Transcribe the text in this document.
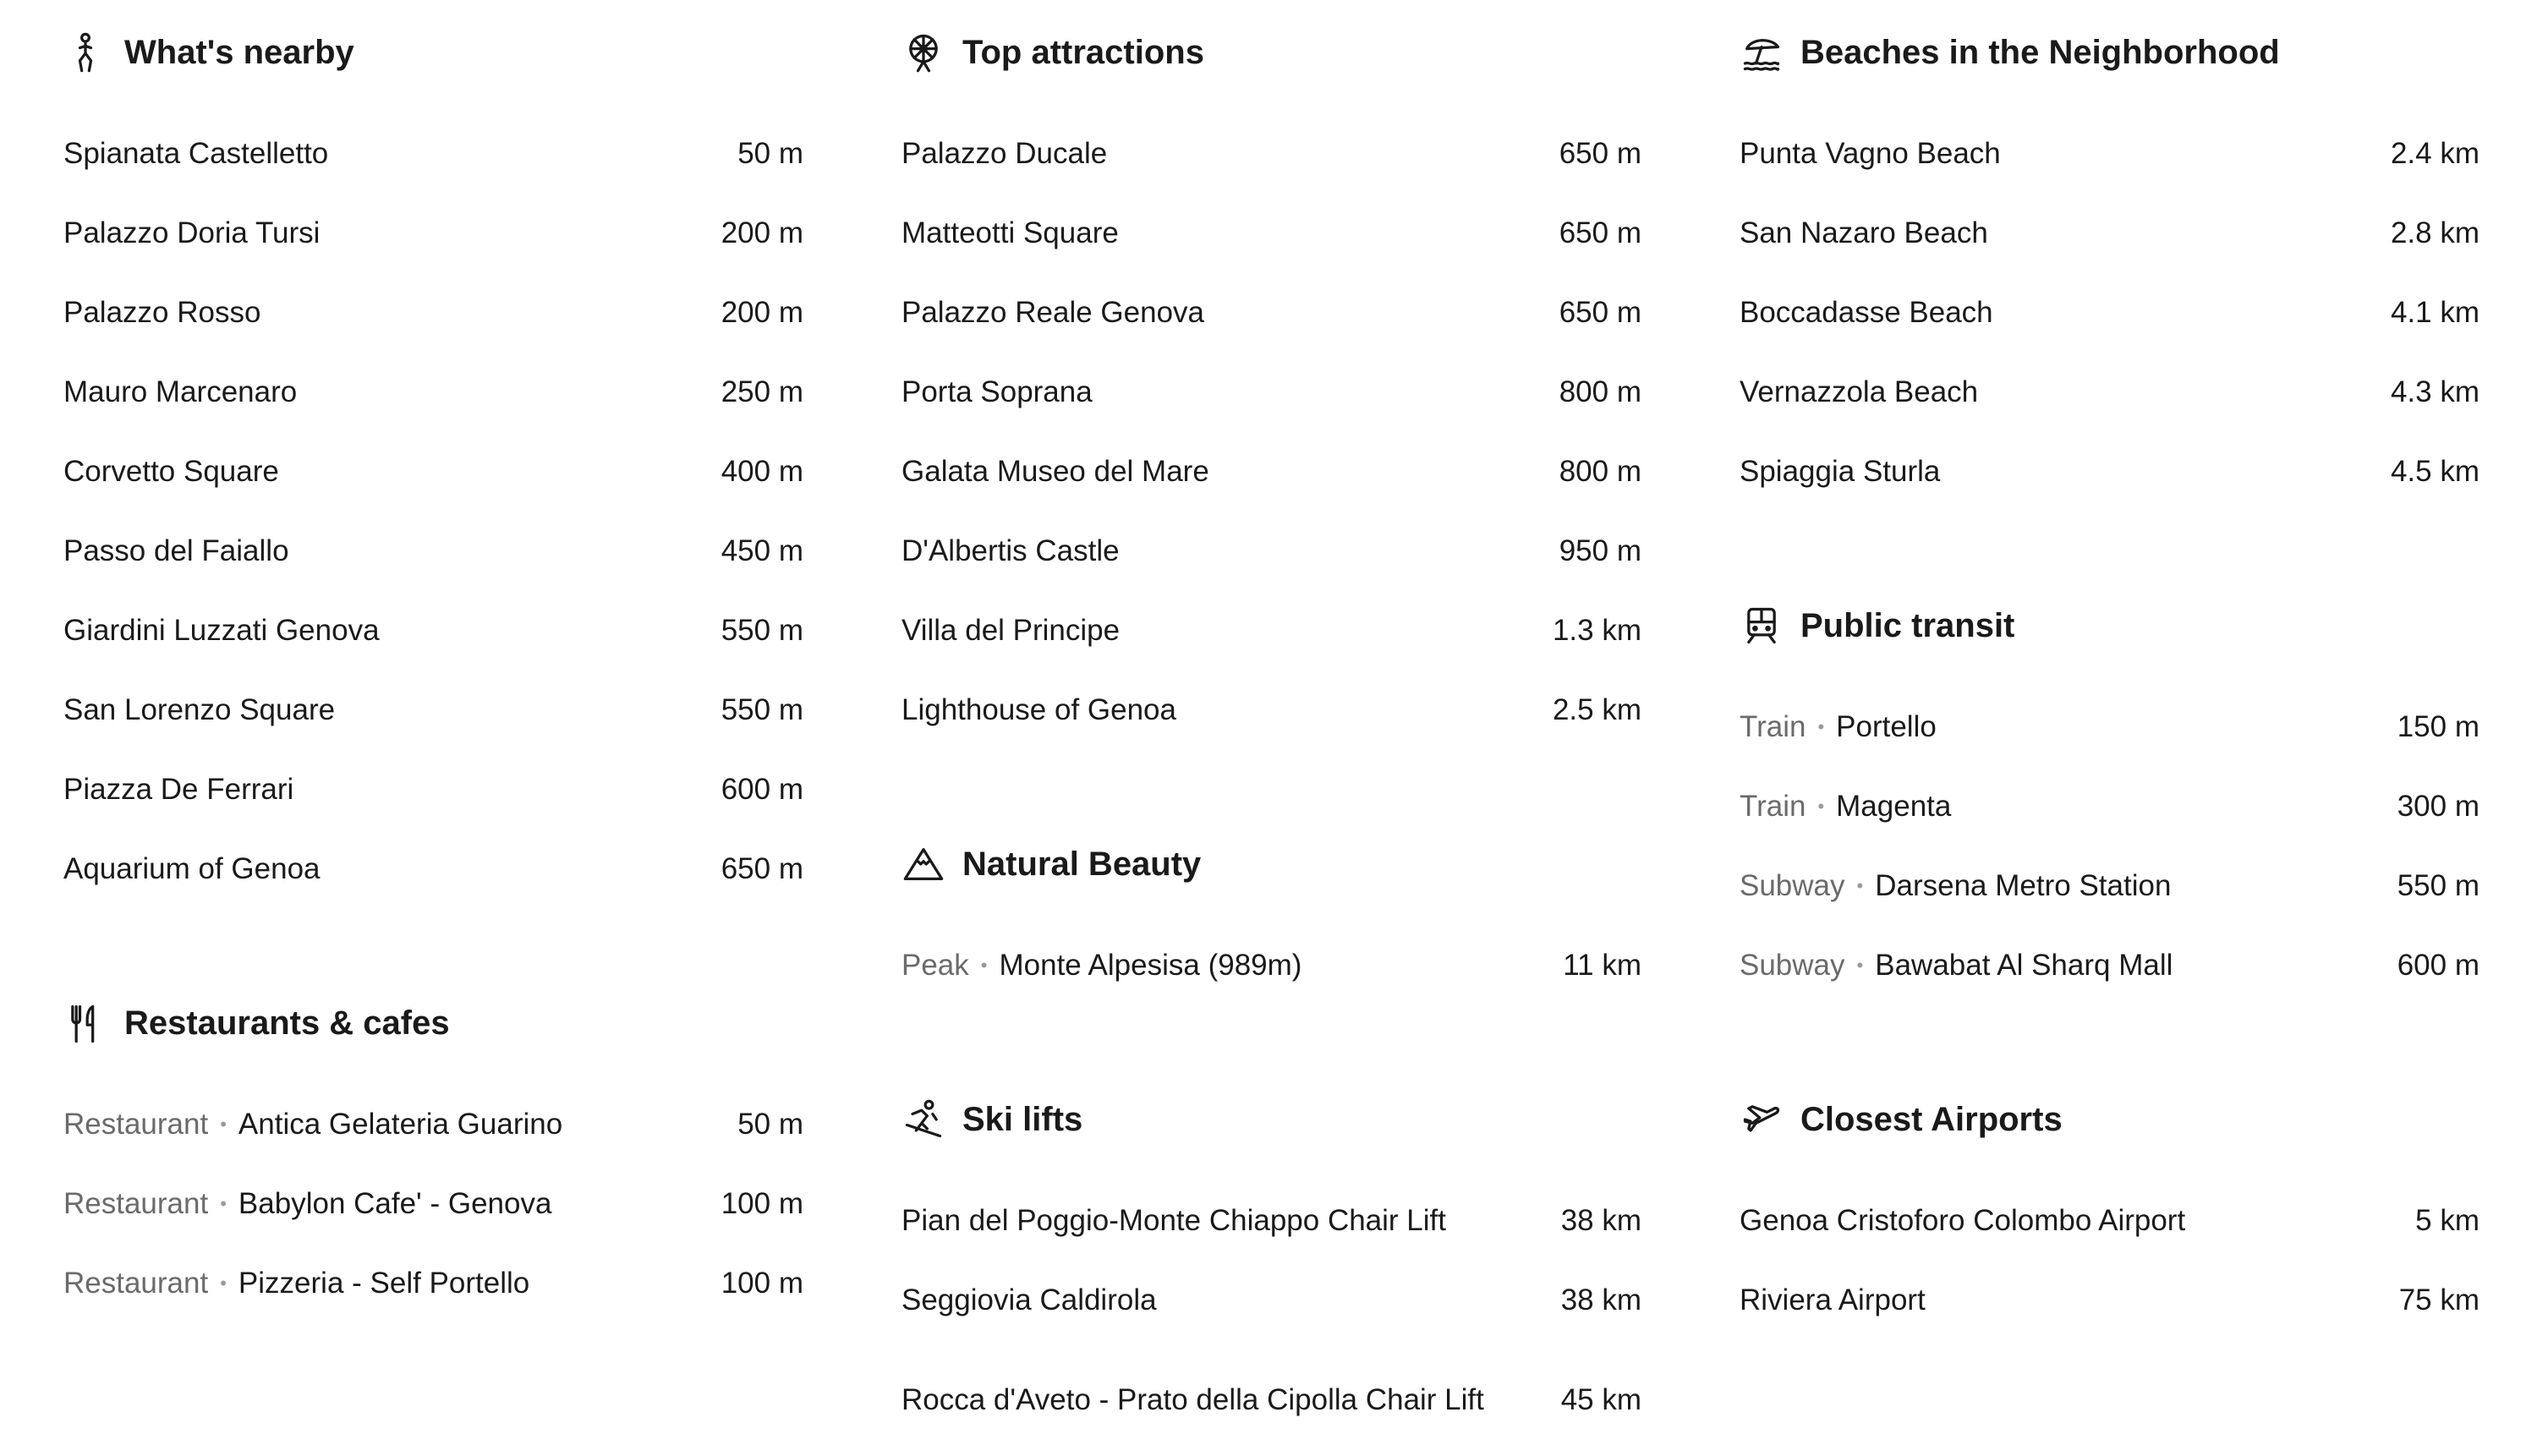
What's nearby
Spianata Castelletto	50 m
Palazzo Doria Tursi	200 m
Palazzo Rosso	200 m
Mauro Marcenaro	250 m
Corvetto Square	400 m
Passo del Faiallo	450 m
Giardini Luzzati Genova	550 m
San Lorenzo Square	550 m
Piazza De Ferrari	600 m
Aquarium of Genoa	650 m
Restaurants & cafes
Restaurant • Antica Gelateria Guarino	50 m
Restaurant • Babylon Cafe' - Genova	100 m
Restaurant • Pizzeria - Self Portello	100 m
Top attractions
Palazzo Ducale	650 m
Matteotti Square	650 m
Palazzo Reale Genova	650 m
Porta Soprana	800 m
Galata Museo del Mare	800 m
D'Albertis Castle	950 m
Villa del Principe	1.3 km
Lighthouse of Genoa	2.5 km
Natural Beauty
Peak • Monte Alpesisa (989m)	11 km
Ski lifts
Pian del Poggio-Monte Chiappo Chair Lift	38 km
Seggiovia Caldirola	38 km
Rocca d'Aveto - Prato della Cipolla Chair Lift	45 km
Beaches in the Neighborhood
Punta Vagno Beach	2.4 km
San Nazaro Beach	2.8 km
Boccadasse Beach	4.1 km
Vernazzola Beach	4.3 km
Spiaggia Sturla	4.5 km
Public transit
Train • Portello	150 m
Train • Magenta	300 m
Subway • Darsena Metro Station	550 m
Subway • Bawabat Al Sharq Mall	600 m
Closest Airports
Genoa Cristoforo Colombo Airport	5 km
Riviera Airport	75 km
